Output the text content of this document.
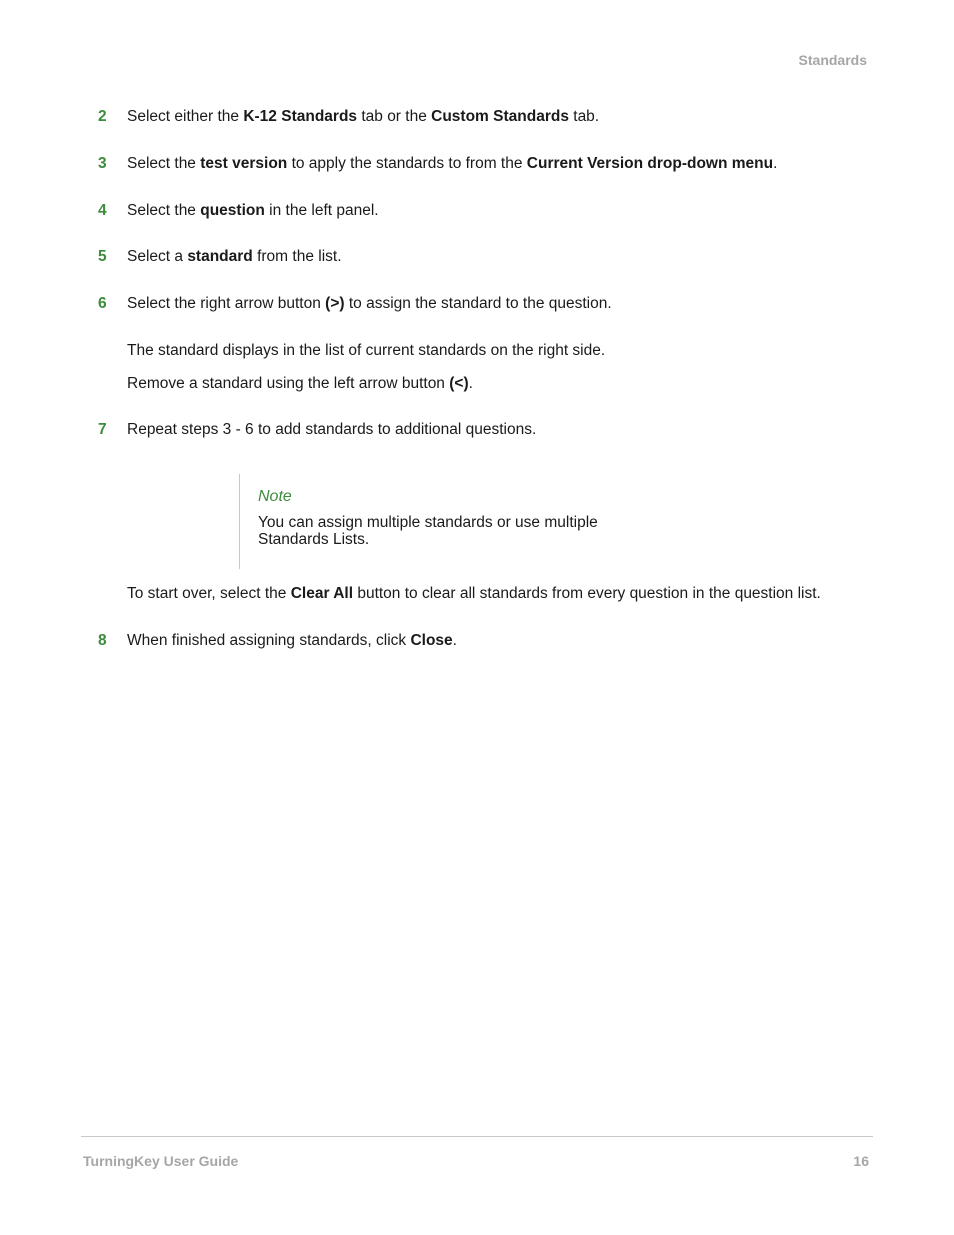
Standards
2 Select either the K-12 Standards tab or the Custom Standards tab.
3 Select the test version to apply the standards to from the Current Version drop-down menu.
4 Select the question in the left panel.
5 Select a standard from the list.
6 Select the right arrow button (>) to assign the standard to the question.
The standard displays in the list of current standards on the right side.
Remove a standard using the left arrow button (<).
7 Repeat steps 3 - 6 to add standards to additional questions.
Note
You can assign multiple standards or use multiple Standards Lists.
To start over, select the Clear All button to clear all standards from every question in the question list.
8 When finished assigning standards, click Close.
TurningKey User Guide	16
